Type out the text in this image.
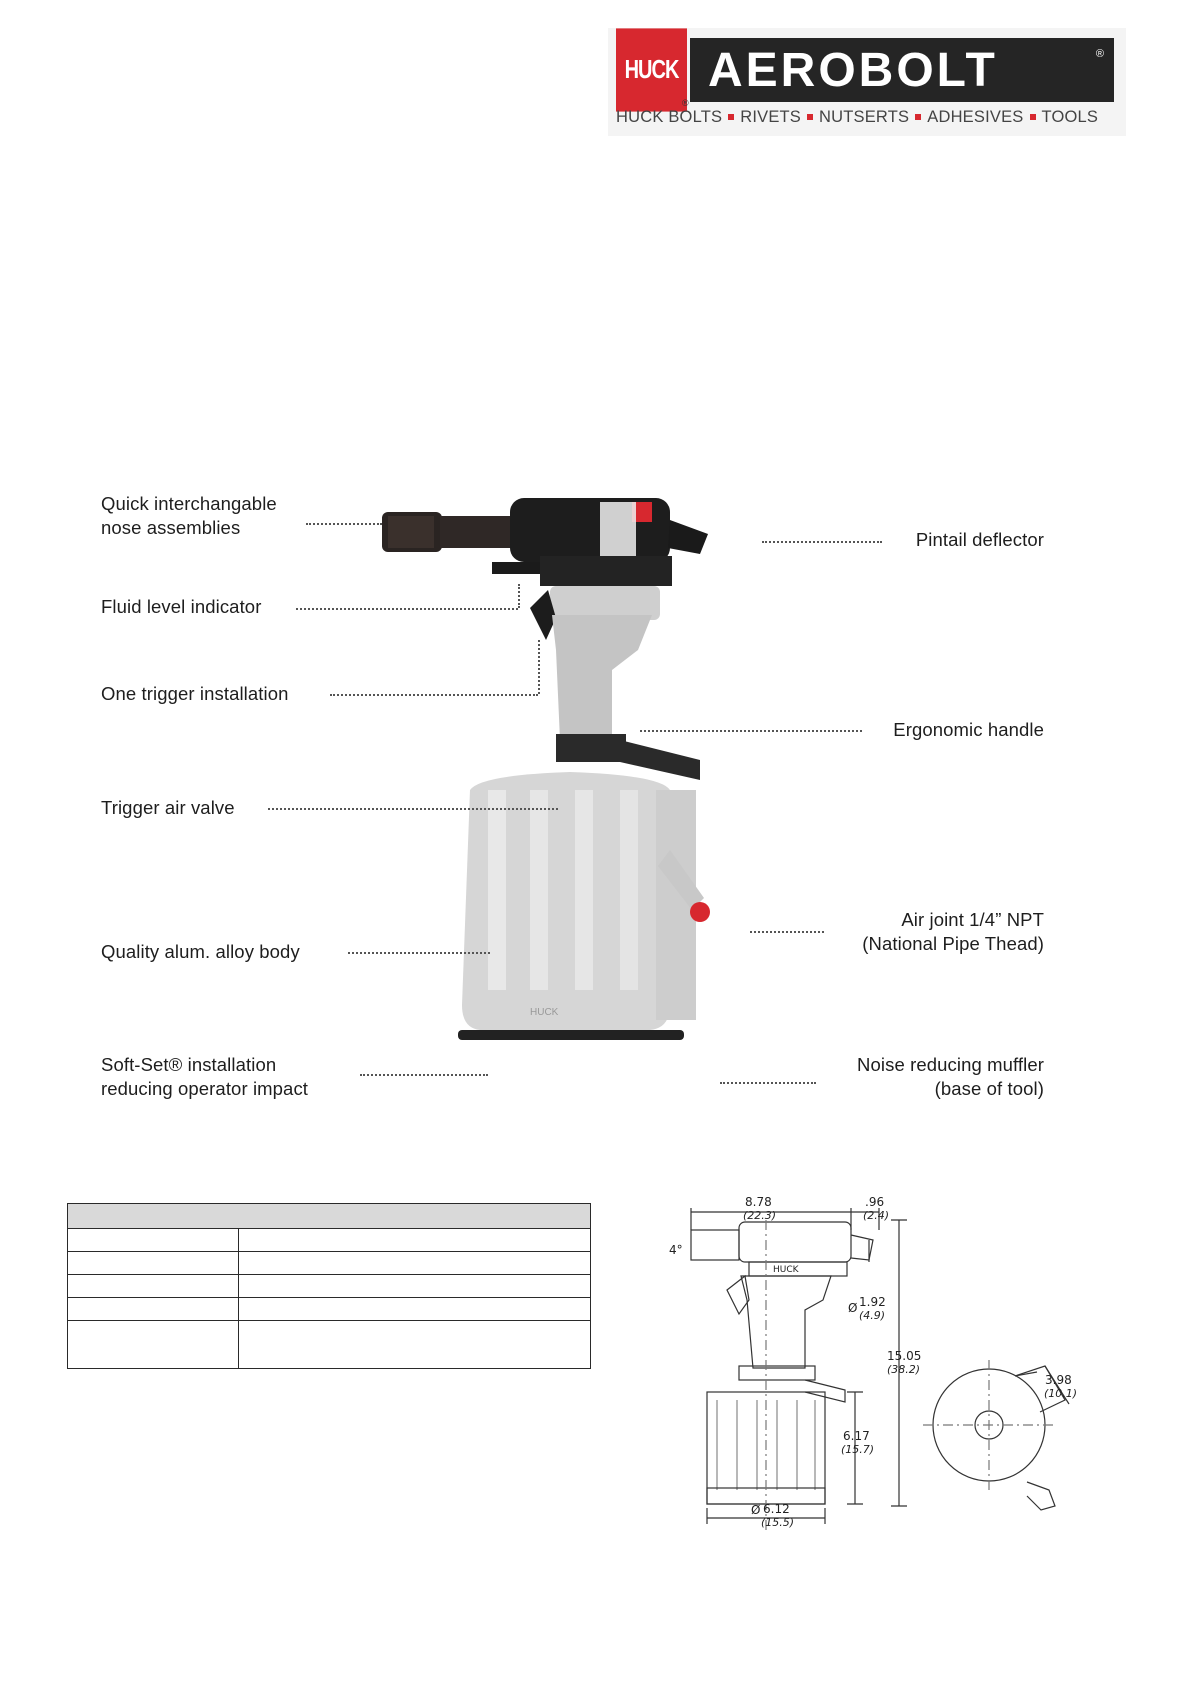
HUCK
®
AEROBOLT	®
HUCK BOLTS RIVETS NUTSERTS ADHESIVES TOOLS
HUCK
Quick interchangable
nose assemblies
Fluid level indicator
One trigger installation
Trigger air valve
Quality alum. alloy body
Soft-Set® installation
reducing operator impact
Pintail deflector
Ergonomic handle
Air joint 1/4” NPT
(National Pipe Thead)
Noise reducing muffler
(base of tool)

8.78
(22.3)
.96
(2.4)
4°
Ø 1.92
(4.9)
HUCK
15.05
(38.2)
3.98
(10.1)
6.17
(15.7)
Ø 6.12
(15.5)
